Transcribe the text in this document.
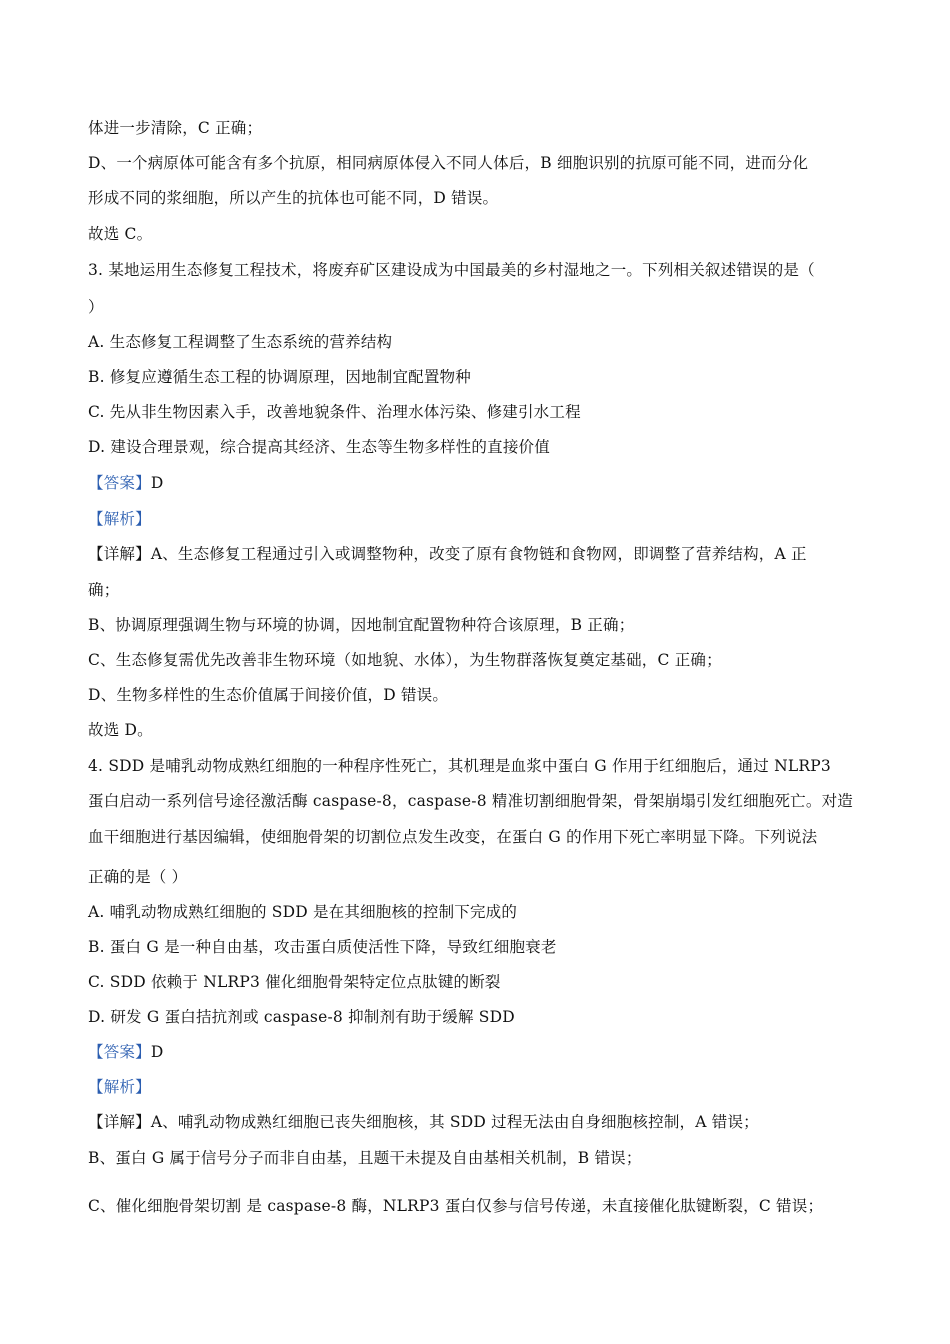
体进一步清除，C 正确；
D、一个病原体可能含有多个抗原，相同病原体侵入不同人体后，B 细胞识别的抗原可能不同，进而分化
形成不同的浆细胞，所以产生的抗体也可能不同，D 错误。
故选 C。
3. 某地运用生态修复工程技术，将废弃矿区建设成为中国最美的乡村湿地之一。下列相关叙述错误的是（
）
A. 生态修复工程调整了生态系统的营养结构
B. 修复应遵循生态工程的协调原理，因地制宜配置物种
C. 先从非生物因素入手，改善地貌条件、治理水体污染、修建引水工程
D. 建设合理景观，综合提高其经济、生态等生物多样性的直接价值
【答案】D
【解析】
【详解】A、生态修复工程通过引入或调整物种，改变了原有食物链和食物网，即调整了营养结构，A 正
确；
B、协调原理强调生物与环境的协调，因地制宜配置物种符合该原理，B 正确；
C、生态修复需优先改善非生物环境（如地貌、水体），为生物群落恢复奠定基础，C 正确；
D、生物多样性的生态价值属于间接价值，D 错误。
故选 D。
4. SDD 是哺乳动物成熟红细胞的一种程序性死亡，其机理是血浆中蛋白 G 作用于红细胞后，通过 NLRP3
蛋白启动一系列信号途径激活酶 caspase-8，caspase-8 精准切割细胞骨架，骨架崩塌引发红细胞死亡。对造
血干细胞进行基因编辑，使细胞骨架的切割位点发生改变，在蛋白 G 的作用下死亡率明显下降。下列说法
正确的是（ ）
A. 哺乳动物成熟红细胞的 SDD 是在其细胞核的控制下完成的
B. 蛋白 G 是一种自由基，攻击蛋白质使活性下降，导致红细胞衰老
C. SDD 依赖于 NLRP3 催化细胞骨架特定位点肽键的断裂
D. 研发 G 蛋白拮抗剂或 caspase-8 抑制剂有助于缓解 SDD
【答案】D
【解析】
【详解】A、哺乳动物成熟红细胞已丧失细胞核，其 SDD 过程无法由自身细胞核控制，A 错误；
B、蛋白 G 属于信号分子而非自由基，且题干未提及自由基相关机制，B 错误；
C、催化细胞骨架切割 是 caspase-8 酶，NLRP3 蛋白仅参与信号传递，未直接催化肽键断裂，C 错误；
